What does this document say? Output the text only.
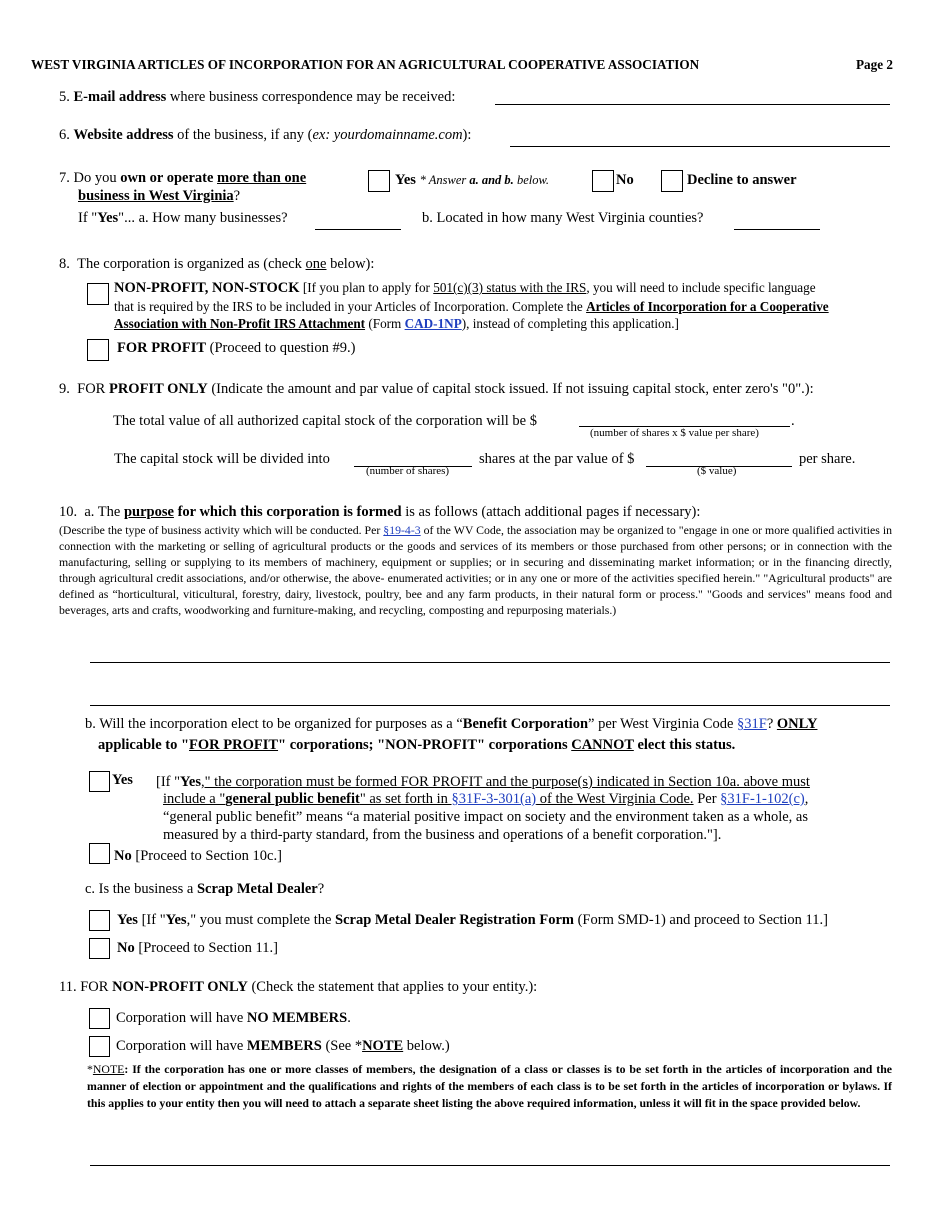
WEST VIRGINIA ARTICLES OF INCORPORATION FOR AN AGRICULTURAL COOPERATIVE ASSOCIATION	Page 2
5. E-mail address where business correspondence may be received:
6. Website address of the business, if any (ex: yourdomainname.com):
7. Do you own or operate more than one
business in West Virginia?
Yes * Answer a. and b. below.	No	Decline to answer
If "Yes"... a. How many businesses?	b. Located in how many West Virginia counties?
8. The corporation is organized as (check one below):
NON-PROFIT, NON-STOCK [If you plan to apply for 501(c)(3) status with the IRS, you will need to include specific language
that is required by the IRS to be included in your Articles of Incorporation. Complete the Articles of Incorporation for a Cooperative
Association with Non-Profit IRS Attachment (Form CAD-1NP), instead of completing this application.]
FOR PROFIT (Proceed to question #9.)
9. FOR PROFIT ONLY (Indicate the amount and par value of capital stock issued. If not issuing capital stock, enter zero's "0".):
The total value of all authorized capital stock of the corporation will be $	.
(number of shares x $ value per share)
The capital stock will be divided into
(number of shares)
shares at the par value of $
($ value)
per share.
10. a. The purpose for which this corporation is formed is as follows (attach additional pages if necessary):
(Describe the type of business activity which will be conducted. Per §19-4-3 of the WV Code, the association may be organized to "engage in one or more qualified activities in connection with the marketing or selling of agricultural products or the goods and services of its members or those purchased from other persons; or in connection with the manufacturing, selling or supplying to its members of machinery, equipment or supplies; or in securing and disseminating market information; or in the financing directly, through agricultural credit associations, and/or otherwise, the above- enumerated activities; or in any one or more of the activities specified herein." "Agricultural products" are defined as “horticultural, viticultural, forestry, dairy, livestock, poultry, bee and any farm products, in their natural form or process." "Goods and services" means food and beverages, arts and crafts, woodworking and furniture-making, and recycling, composting and repurposing materials.)
b. Will the incorporation elect to be organized for purposes as a “Benefit Corporation” per West Virginia Code §31F? ONLY
applicable to "FOR PROFIT" corporations; "NON-PROFIT" corporations CANNOT elect this status.
Yes [If "Yes," the corporation must be formed FOR PROFIT and the purpose(s) indicated in Section 10a. above must
include a "general public benefit" as set forth in §31F-3-301(a) of the West Virginia Code. Per §31F-1-102(c),
“general public benefit” means “a material positive impact on society and the environment taken as a whole, as
measured by a third-party standard, from the business and operations of a benefit corporation."].
No [Proceed to Section 10c.]
c. Is the business a Scrap Metal Dealer?
Yes [If "Yes," you must complete the Scrap Metal Dealer Registration Form (Form SMD-1) and proceed to Section 11.]
No [Proceed to Section 11.]
11. FOR NON-PROFIT ONLY (Check the statement that applies to your entity.):
Corporation will have NO MEMBERS.
Corporation will have MEMBERS (See *NOTE below.)
*NOTE: If the corporation has one or more classes of members, the designation of a class or classes is to be set forth in the articles of incorporation and the manner of election or appointment and the qualifications and rights of the members of each class is to be set forth in the articles of incorporation or bylaws. If this applies to your entity then you will need to attach a separate sheet listing the above required information, unless it will fit in the space provided below.
